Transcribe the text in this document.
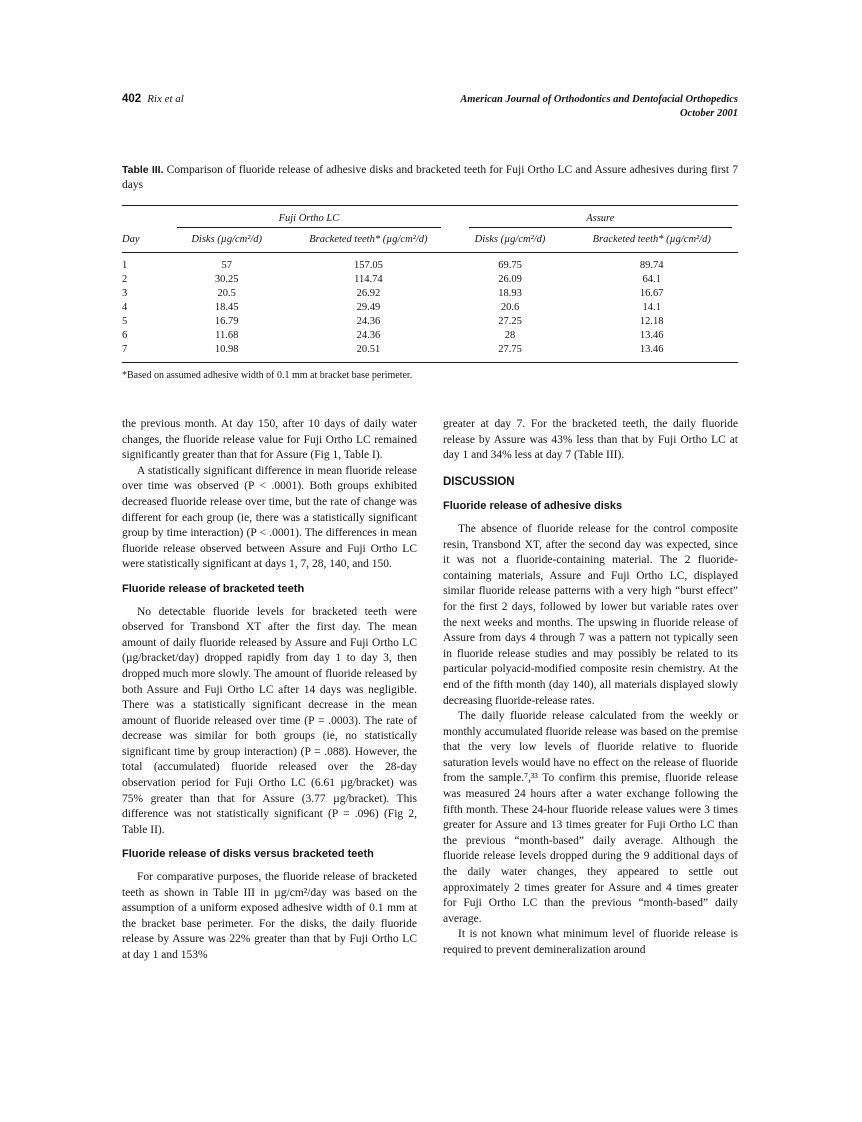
402 Rix et al	American Journal of Orthodontics and Dentofacial Orthopedics
October 2001
Table III. Comparison of fluoride release of adhesive disks and bracketed teeth for Fuji Ortho LC and Assure adhesives during first 7 days

	Fuji Ortho LC		Assure	

Day	Disks (µg/cm²/d)	Bracketed teeth* (µg/cm²/d)	Disks (µg/cm²/d)	Bracketed teeth* (µg/cm²/d)
1	57	157.05	69.75	89.74
2	30.25	114.74	26.09	64.1
3	20.5	26.92	18.93	16.67
4	18.45	29.49	20.6	14.1
5	16.79	24.36	27.25	12.18
6	11.68	24.36	28	13.46
7	10.98	20.51	27.75	13.46
*Based on assumed adhesive width of 0.1 mm at bracket base perimeter.
the previous month. At day 150, after 10 days of daily water changes, the fluoride release value for Fuji Ortho LC remained significantly greater than that for Assure (Fig 1, Table I).
A statistically significant difference in mean fluoride release over time was observed (P < .0001). Both groups exhibited decreased fluoride release over time, but the rate of change was different for each group (ie, there was a statistically significant group by time interaction) (P < .0001). The differences in mean fluoride release observed between Assure and Fuji Ortho LC were statistically significant at days 1, 7, 28, 140, and 150.
Fluoride release of bracketed teeth
No detectable fluoride levels for bracketed teeth were observed for Transbond XT after the first day. The mean amount of daily fluoride released by Assure and Fuji Ortho LC (µg/bracket/day) dropped rapidly from day 1 to day 3, then dropped much more slowly. The amount of fluoride released by both Assure and Fuji Ortho LC after 14 days was negligible. There was a statistically significant decrease in the mean amount of fluoride released over time (P = .0003). The rate of decrease was similar for both groups (ie, no statistically significant time by group interaction) (P = .088). However, the total (accumulated) fluoride released over the 28-day observation period for Fuji Ortho LC (6.61 µg/bracket) was 75% greater than that for Assure (3.77 µg/bracket). This difference was not statistically significant (P = .096) (Fig 2, Table II).
Fluoride release of disks versus bracketed teeth
For comparative purposes, the fluoride release of bracketed teeth as shown in Table III in µg/cm²/day was based on the assumption of a uniform exposed adhesive width of 0.1 mm at the bracket base perimeter. For the disks, the daily fluoride release by Assure was 22% greater than that by Fuji Ortho LC at day 1 and 153%
greater at day 7. For the bracketed teeth, the daily fluoride release by Assure was 43% less than that by Fuji Ortho LC at day 1 and 34% less at day 7 (Table III).
DISCUSSION
Fluoride release of adhesive disks
The absence of fluoride release for the control composite resin, Transbond XT, after the second day was expected, since it was not a fluoride-containing material. The 2 fluoride-containing materials, Assure and Fuji Ortho LC, displayed similar fluoride release patterns with a very high “burst effect” for the first 2 days, followed by lower but variable rates over the next weeks and months. The upswing in fluoride release of Assure from days 4 through 7 was a pattern not typically seen in fluoride release studies and may possibly be related to its particular polyacid-modified composite resin chemistry. At the end of the fifth month (day 140), all materials displayed slowly decreasing fluoride-release rates.
The daily fluoride release calculated from the weekly or monthly accumulated fluoride release was based on the premise that the very low levels of fluoride relative to fluoride saturation levels would have no effect on the release of fluoride from the sample.⁷,³³ To confirm this premise, fluoride release was measured 24 hours after a water exchange following the fifth month. These 24-hour fluoride release values were 3 times greater for Assure and 13 times greater for Fuji Ortho LC than the previous “month-based” daily average. Although the fluoride release levels dropped during the 9 additional days of the daily water changes, they appeared to settle out approximately 2 times greater for Assure and 4 times greater for Fuji Ortho LC than the previous “month-based” daily average.
It is not known what minimum level of fluoride release is required to prevent demineralization around
